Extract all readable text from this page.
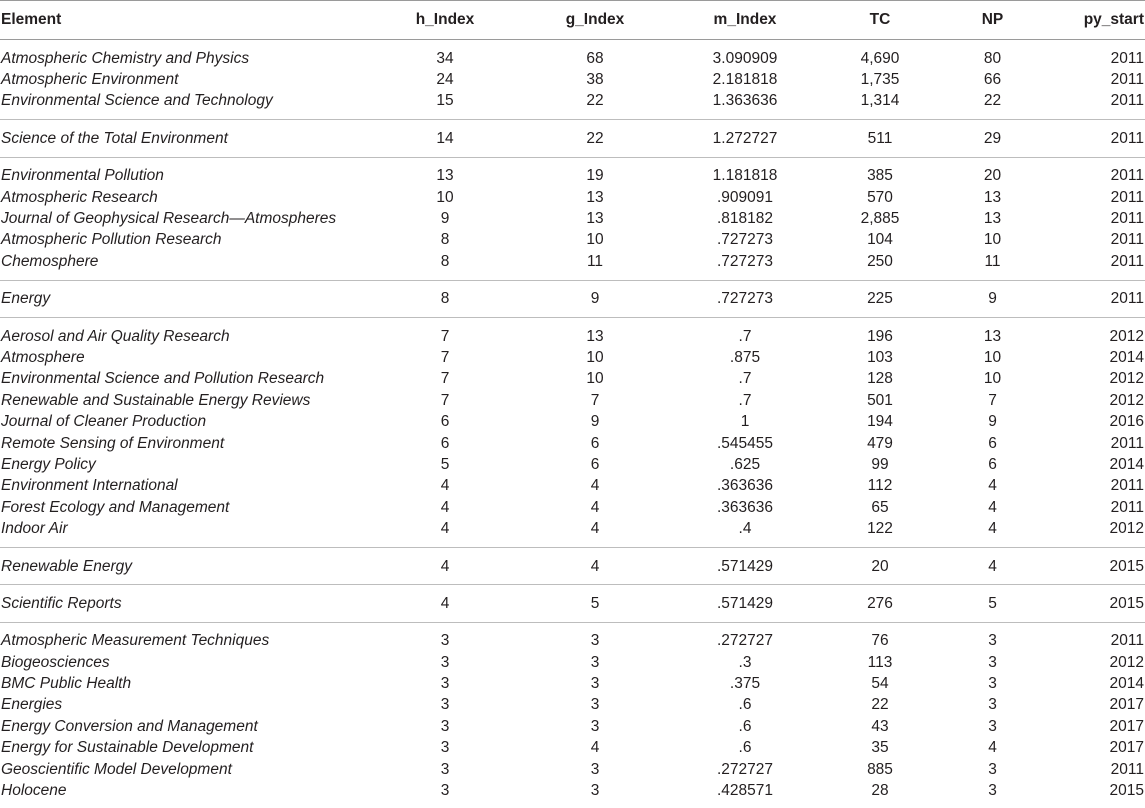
Element	h_Index	g_Index	m_Index	TC	NP	py_start
Atmospheric Chemistry and Physics	34	68	3.090909	4,690	80	2011
Atmospheric Environment	24	38	2.181818	1,735	66	2011
Environmental Science and Technology	15	22	1.363636	1,314	22	2011
Science of the Total Environment	14	22	1.272727	511	29	2011
Environmental Pollution	13	19	1.181818	385	20	2011
Atmospheric Research	10	13	.909091	570	13	2011
Journal of Geophysical Research—Atmospheres	9	13	.818182	2,885	13	2011
Atmospheric Pollution Research	8	10	.727273	104	10	2011
Chemosphere	8	11	.727273	250	11	2011
Energy	8	9	.727273	225	9	2011
Aerosol and Air Quality Research	7	13	.7	196	13	2012
Atmosphere	7	10	.875	103	10	2014
Environmental Science and Pollution Research	7	10	.7	128	10	2012
Renewable and Sustainable Energy Reviews	7	7	.7	501	7	2012
Journal of Cleaner Production	6	9	1	194	9	2016
Remote Sensing of Environment	6	6	.545455	479	6	2011
Energy Policy	5	6	.625	99	6	2014
Environment International	4	4	.363636	112	4	2011
Forest Ecology and Management	4	4	.363636	65	4	2011
Indoor Air	4	4	.4	122	4	2012
Renewable Energy	4	4	.571429	20	4	2015
Scientific Reports	4	5	.571429	276	5	2015
Atmospheric Measurement Techniques	3	3	.272727	76	3	2011
Biogeosciences	3	3	.3	113	3	2012
BMC Public Health	3	3	.375	54	3	2014
Energies	3	3	.6	22	3	2017
Energy Conversion and Management	3	3	.6	43	3	2017
Energy for Sustainable Development	3	4	.6	35	4	2017
Geoscientific Model Development	3	3	.272727	885	3	2011
Holocene	3	3	.428571	28	3	2015
